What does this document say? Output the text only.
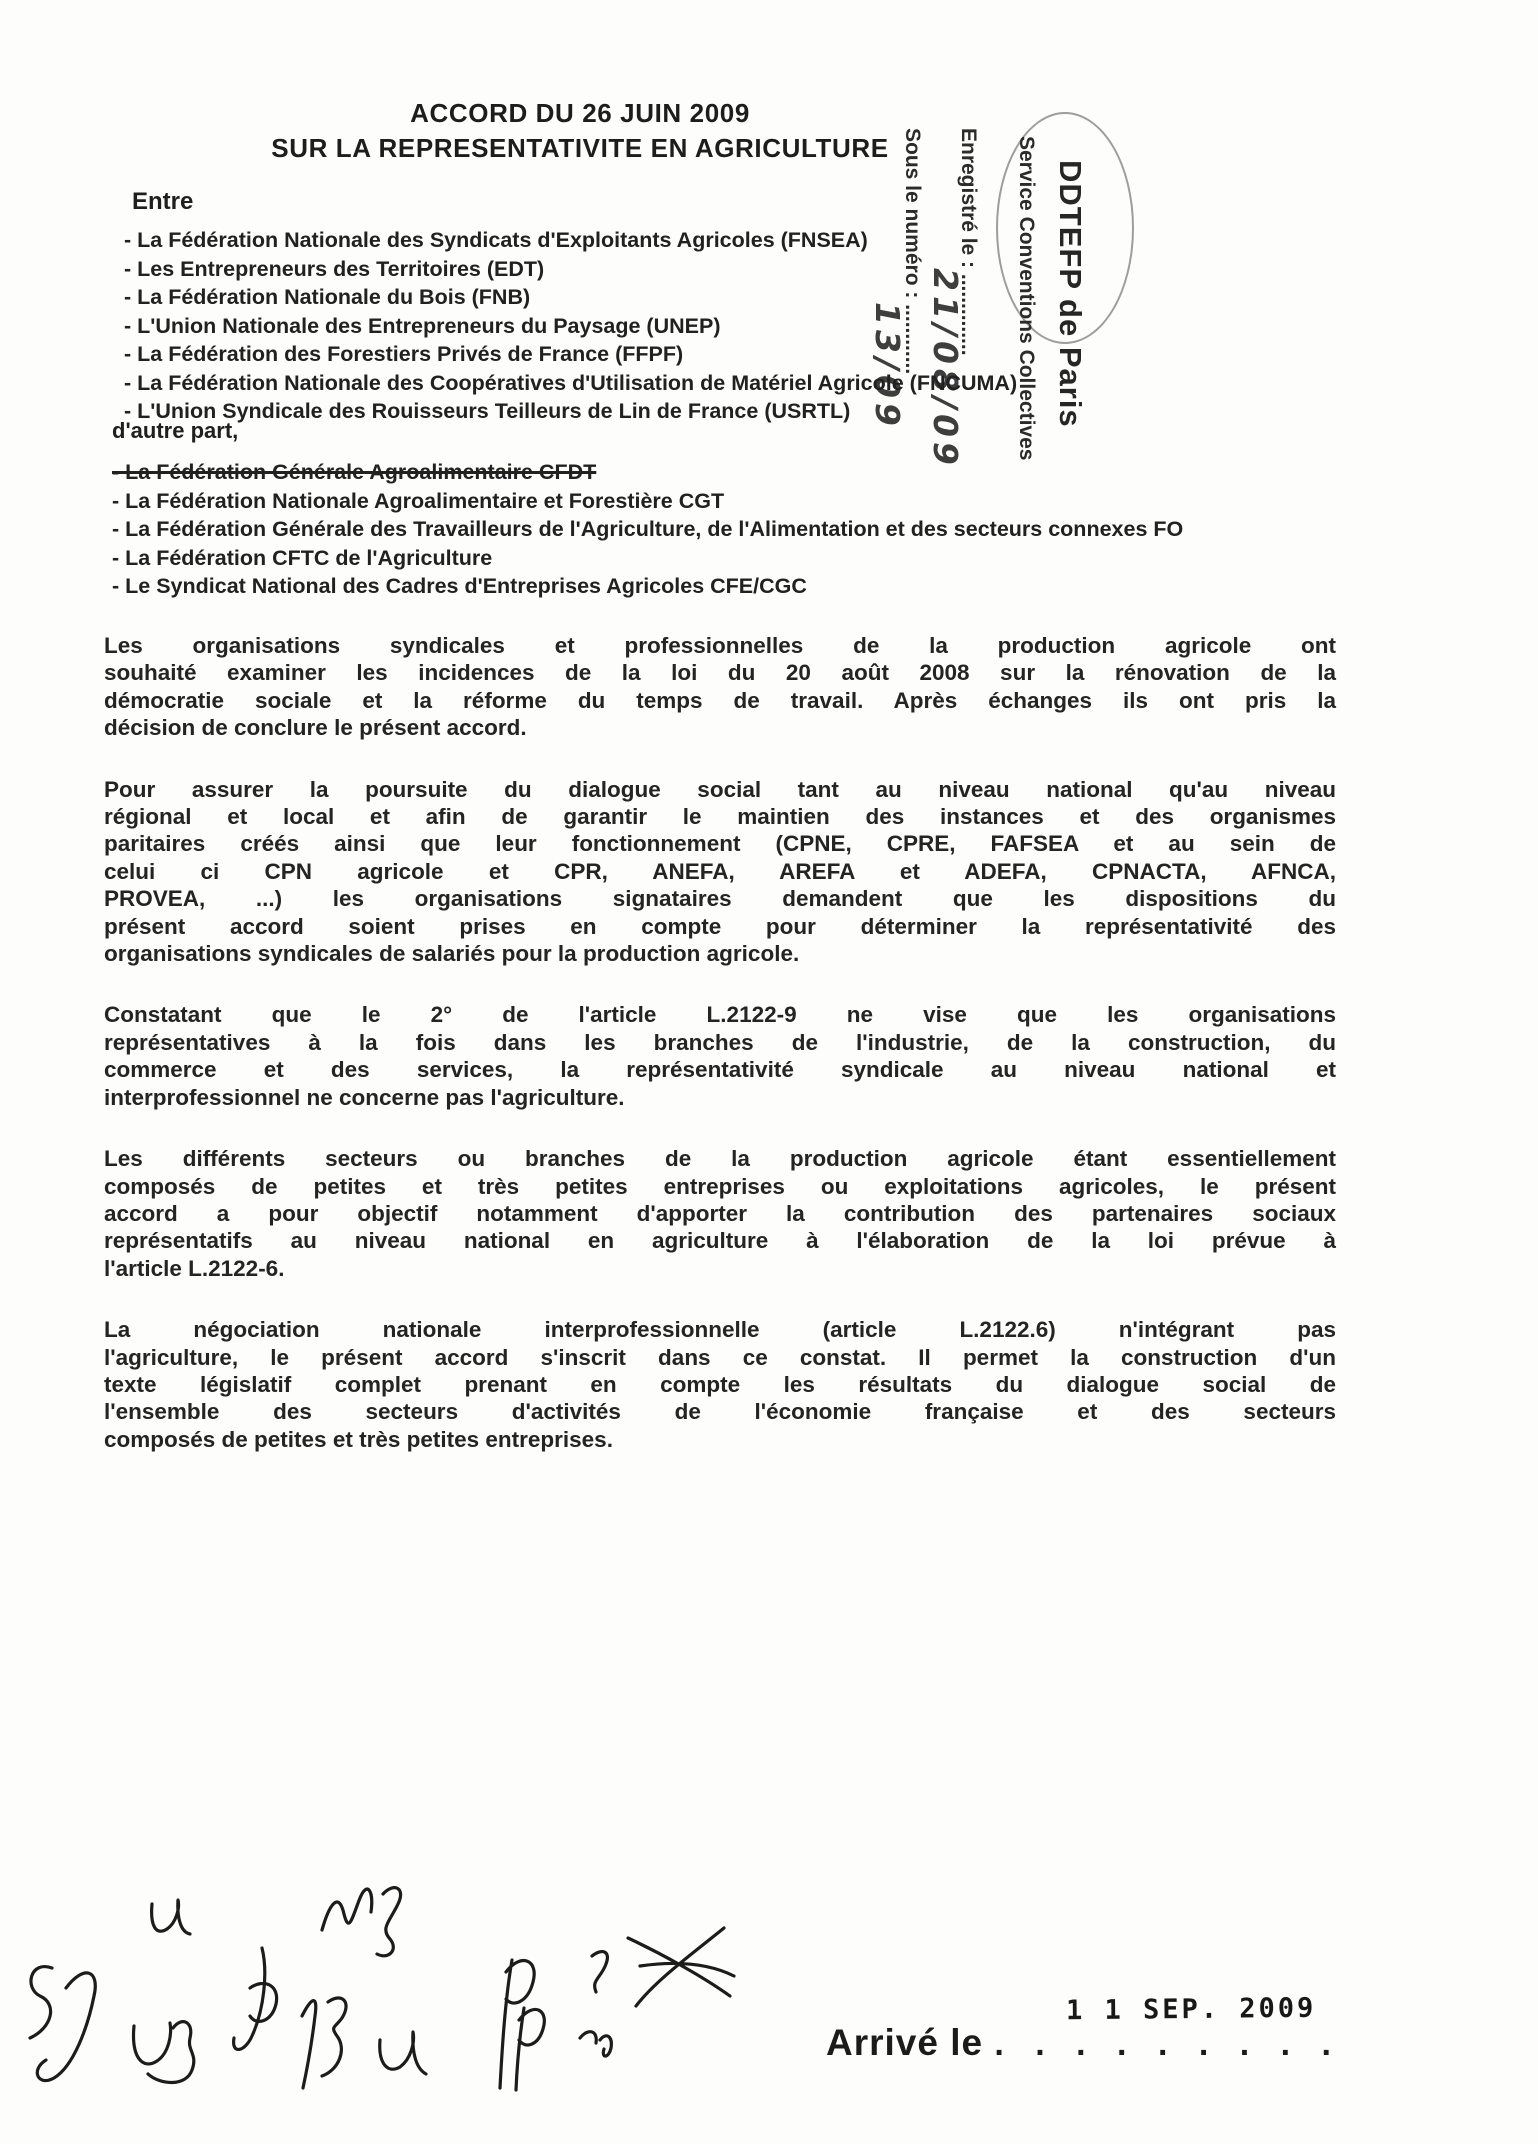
ACCORD DU 26 JUIN 2009
SUR LA REPRESENTATIVITE EN AGRICULTURE
DDTEFP de Paris
Service Conventions Collectives
Enregistré le : ..............
Sous le numéro : ............ 21/08/09
13/09
Entre
- La Fédération Nationale des Syndicats d'Exploitants Agricoles (FNSEA)
- Les Entrepreneurs des Territoires (EDT)
- La Fédération Nationale du Bois (FNB)
- L'Union Nationale des Entrepreneurs du Paysage (UNEP)
- La Fédération des Forestiers Privés de France (FFPF)
- La Fédération Nationale des Coopératives d'Utilisation de Matériel Agricole (FNCUMA)
- L'Union Syndicale des Rouisseurs Teilleurs de Lin de France (USRTL)
d'autre part,
- La Fédération Générale Agroalimentaire CFDT
- La Fédération Nationale Agroalimentaire et Forestière CGT
- La Fédération Générale des Travailleurs de l'Agriculture, de l'Alimentation et des secteurs connexes FO
- La Fédération CFTC de l'Agriculture
- Le Syndicat National des Cadres d'Entreprises Agricoles CFE/CGC
Les organisations syndicales et professionnelles de la production agricole ont
souhaité examiner les incidences de la loi du 20 août 2008 sur la rénovation de la
démocratie sociale et la réforme du temps de travail. Après échanges ils ont pris la
décision de conclure le présent accord.
Pour assurer la poursuite du dialogue social tant au niveau national qu'au niveau
régional et local et afin de garantir le maintien des instances et des organismes
paritaires créés ainsi que leur fonctionnement (CPNE, CPRE, FAFSEA et au sein de
celui ci CPN agricole et CPR, ANEFA, AREFA et ADEFA, CPNACTA, AFNCA,
PROVEA, ...) les organisations signataires demandent que les dispositions du
présent accord soient prises en compte pour déterminer la représentativité des
organisations syndicales de salariés pour la production agricole.
Constatant que le 2° de l'article L.2122-9 ne vise que les organisations
représentatives à la fois dans les branches de l'industrie, de la construction, du
commerce et des services, la représentativité syndicale au niveau national et
interprofessionnel ne concerne pas l'agriculture.
Les différents secteurs ou branches de la production agricole étant essentiellement
composés de petites et très petites entreprises ou exploitations agricoles, le présent
accord a pour objectif notamment d'apporter la contribution des partenaires sociaux
représentatifs au niveau national en agriculture à l'élaboration de la loi prévue à
l'article L.2122-6.
La négociation nationale interprofessionnelle (article L.2122.6) n'intégrant pas
l'agriculture, le présent accord s'inscrit dans ce constat. Il permet la construction d'un
texte législatif complet prenant en compte les résultats du dialogue social de
l'ensemble des secteurs d'activités de l'économie française et des secteurs
composés de petites et très petites entreprises.
1 1 SEP. 2009
Arrivé le . . . . . . . . .
